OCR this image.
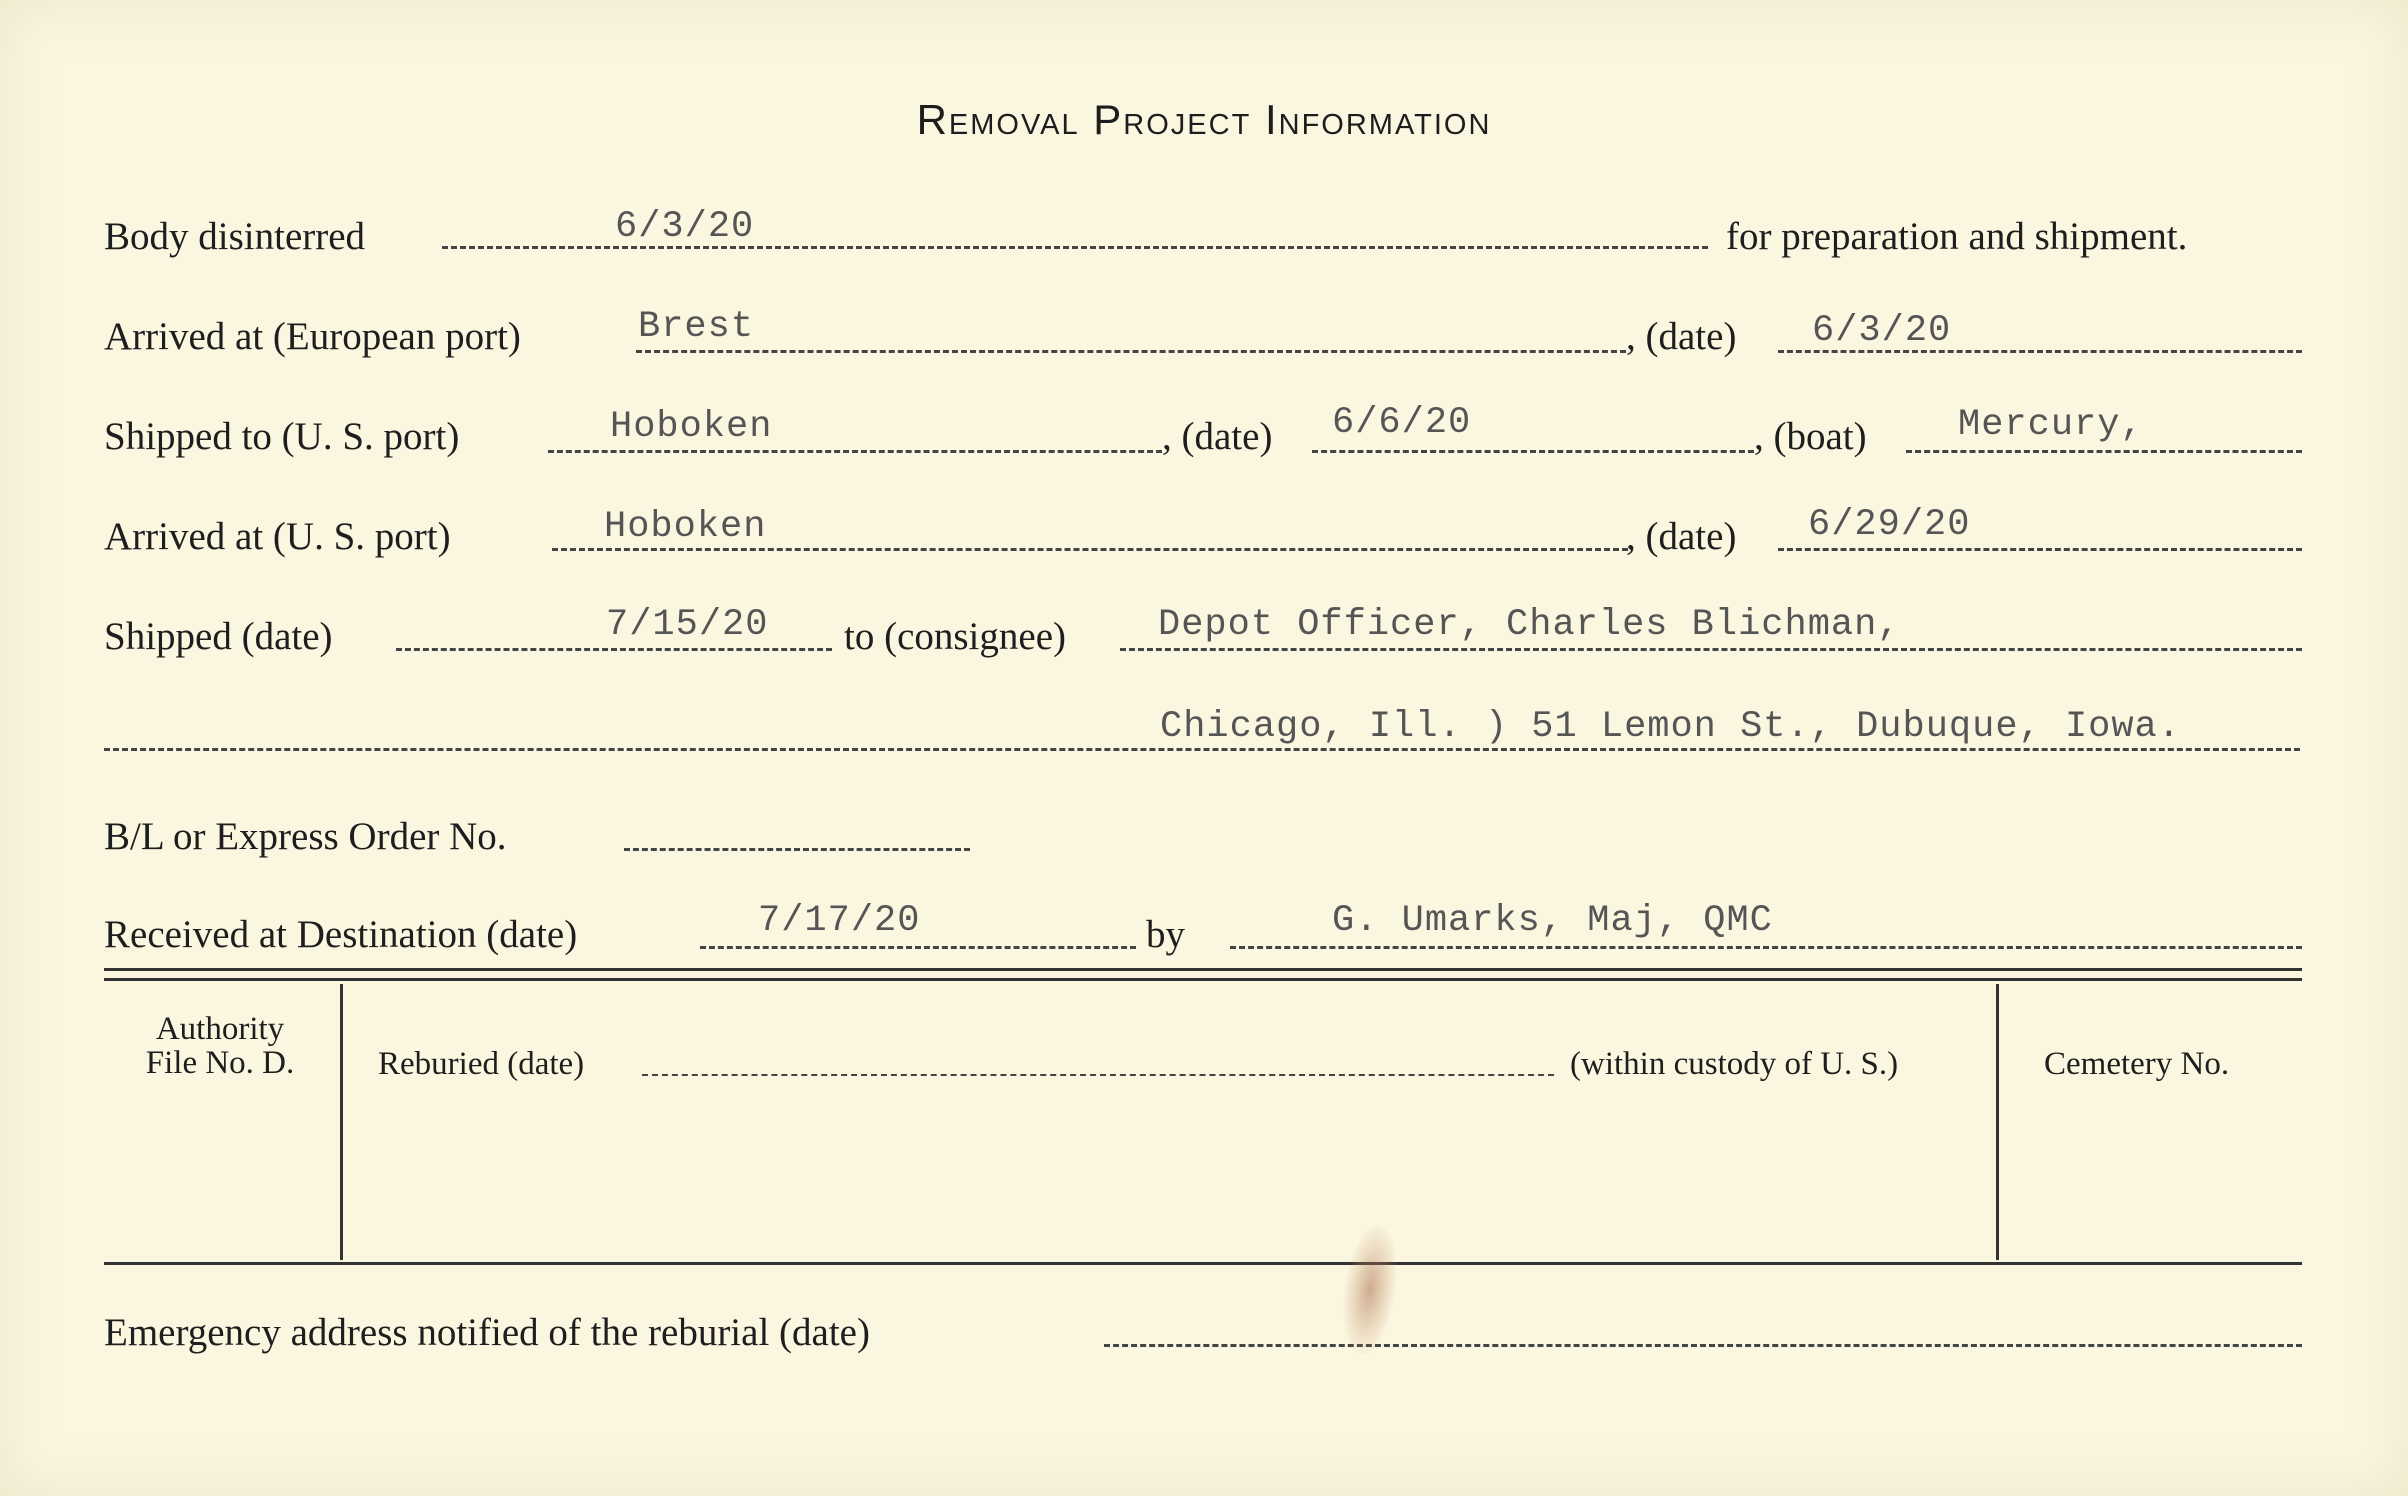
Removal Project Information
Body disinterred	6/3/20	for preparation and shipment.
Arrived at (European port)	Brest	, (date) 6/3/20
Shipped to (U. S. port)	Hoboken	, (date) 6/6/20	, (boat) Mercury,
Arrived at (U. S. port)	Hoboken	, (date) 6/29/20
Shipped (date)	7/15/20 to (consignee) Depot Officer, Charles Blichman,
Chicago, Ill. ) 51 Lemon St., Dubuque, Iowa.
B/L or Express Order No.
Received at Destination (date)	7/17/20	by	G. Umarks, Maj, QMC
Authority
File No. D.	Reburied (date)	(within custody of U. S.)	Cemetery No.
Emergency address notified of the reburial (date)
